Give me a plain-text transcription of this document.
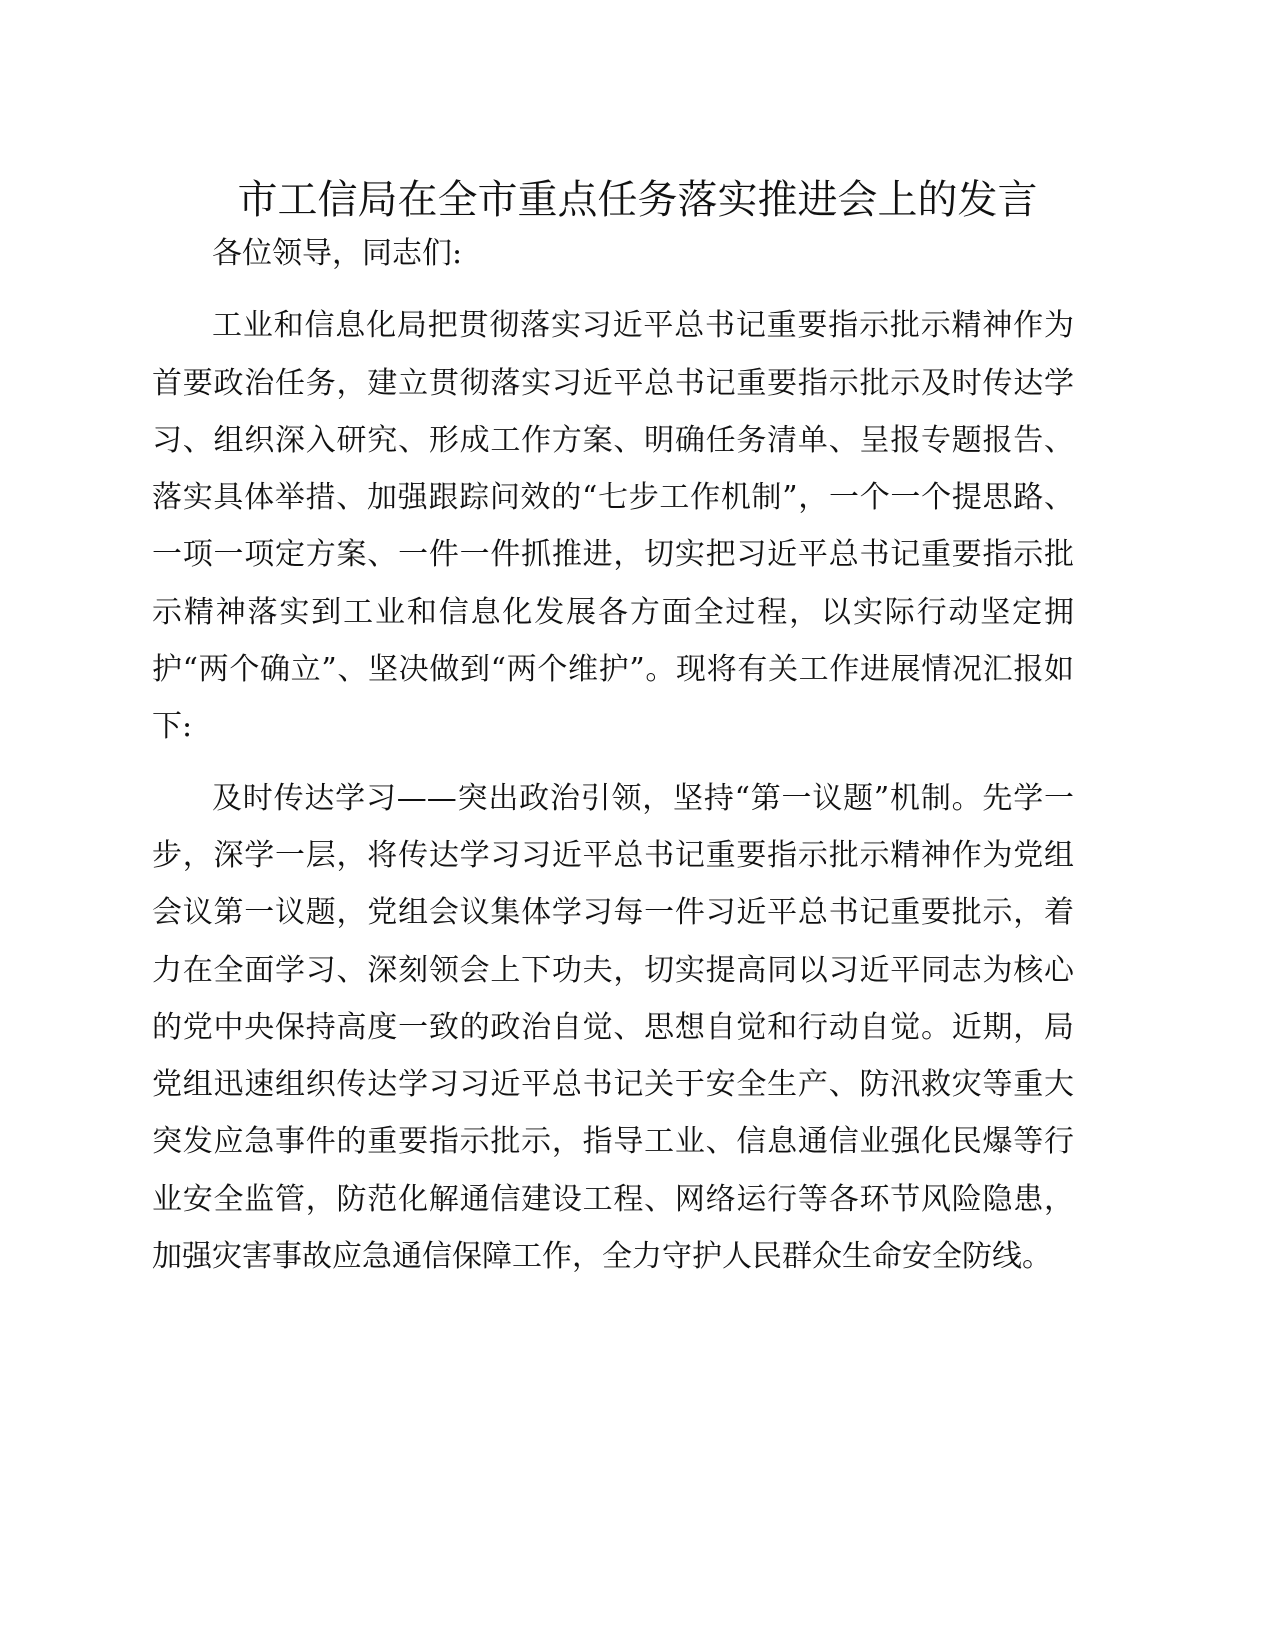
市工信局在全市重点任务落实推进会上的发言

各位领导，同志们:

工业和信息化局把贯彻落实习近平总书记重要指示批示精神作为首要政治任务，建立贯彻落实习近平总书记重要指示批示及时传达学习、组织深入研究、形成工作方案、明确任务清单、呈报专题报告、落实具体举措、加强跟踪问效的“七步工作机制”，一个一个提思路、一项一项定方案、一件一件抓推进，切实把习近平总书记重要指示批示精神落实到工业和信息化发展各方面全过程，以实际行动坚定拥护“两个确立”、坚决做到“两个维护”。现将有关工作进展情况汇报如下:

及时传达学习——突出政治引领，坚持“第一议题”机制。先学一步，深学一层，将传达学习习近平总书记重要指示批示精神作为党组会议第一议题，党组会议集体学习每一件习近平总书记重要批示，着力在全面学习、深刻领会上下功夫，切实提高同以习近平同志为核心的党中央保持高度一致的政治自觉、思想自觉和行动自觉。近期，局党组迅速组织传达学习习近平总书记关于安全生产、防汛救灾等重大突发应急事件的重要指示批示，指导工业、信息通信业强化民爆等行业安全监管，防范化解通信建设工程、网络运行等各环节风险隐患，加强灾害事故应急通信保障工作，全力守护人民群众生命安全防线。
